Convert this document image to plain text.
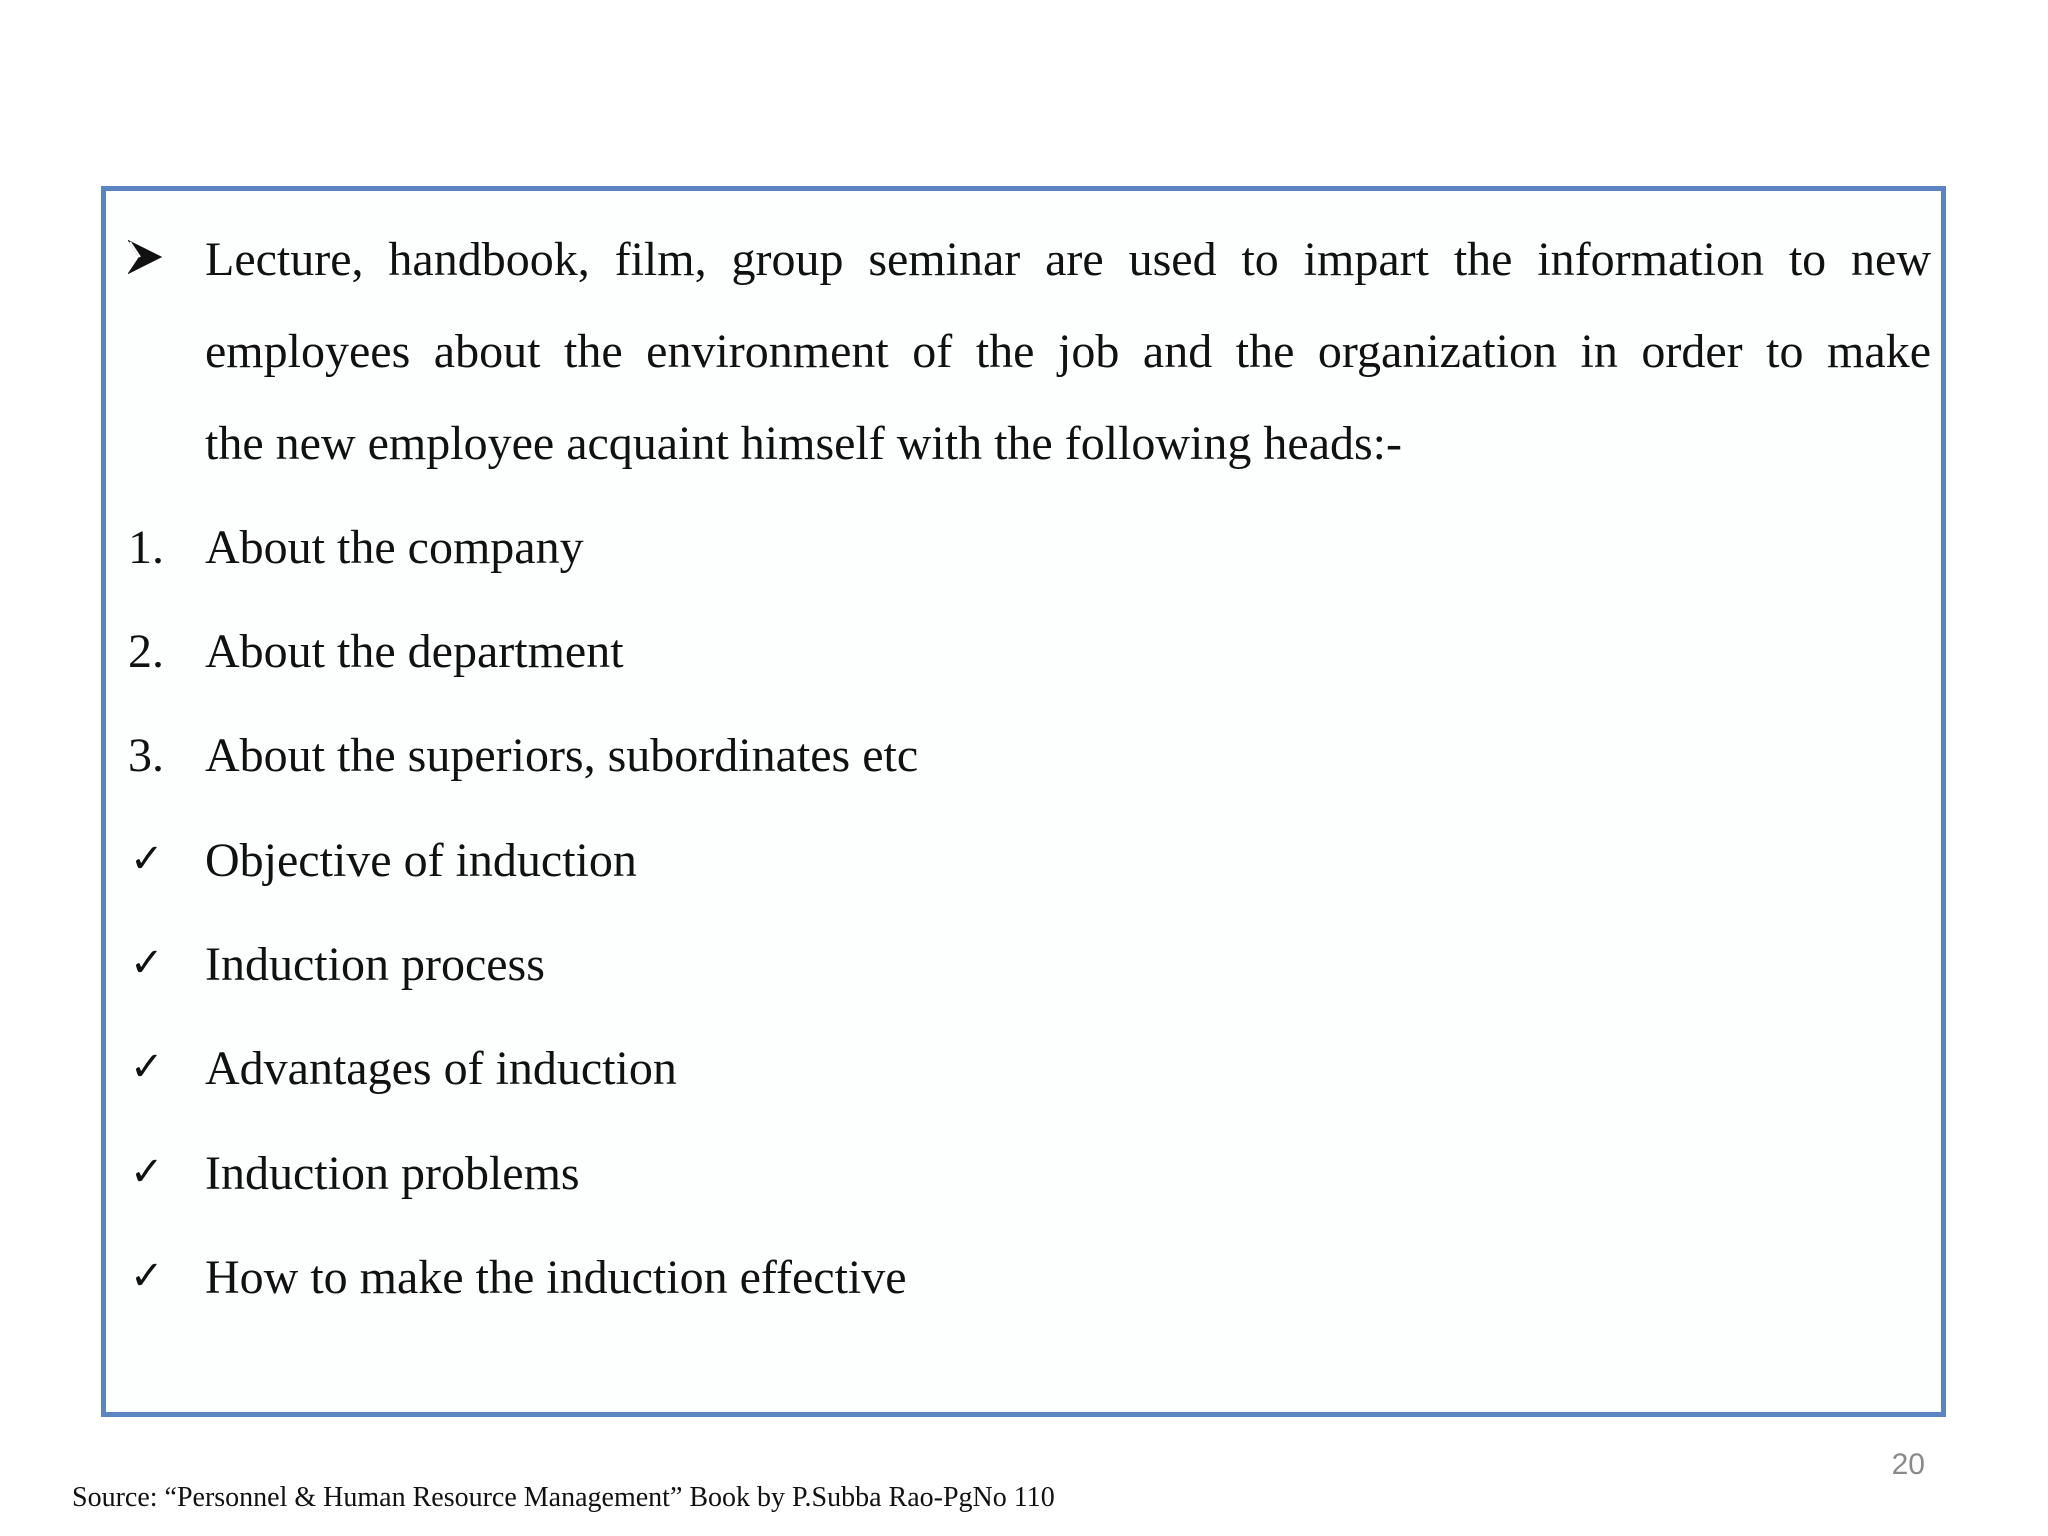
Lecture, handbook, film, group seminar are used to impart the information to new
employees about the environment of the job and the organization in order to make
the new employee acquaint himself with the following heads:-
1. About the company
2. About the department
3. About the superiors, subordinates etc
✓ Objective of induction
✓ Induction process
✓ Advantages of induction
✓ Induction problems
✓ How to make the induction effective
20
Source: “Personnel & Human Resource Management” Book by P.Subba Rao-PgNo 110
